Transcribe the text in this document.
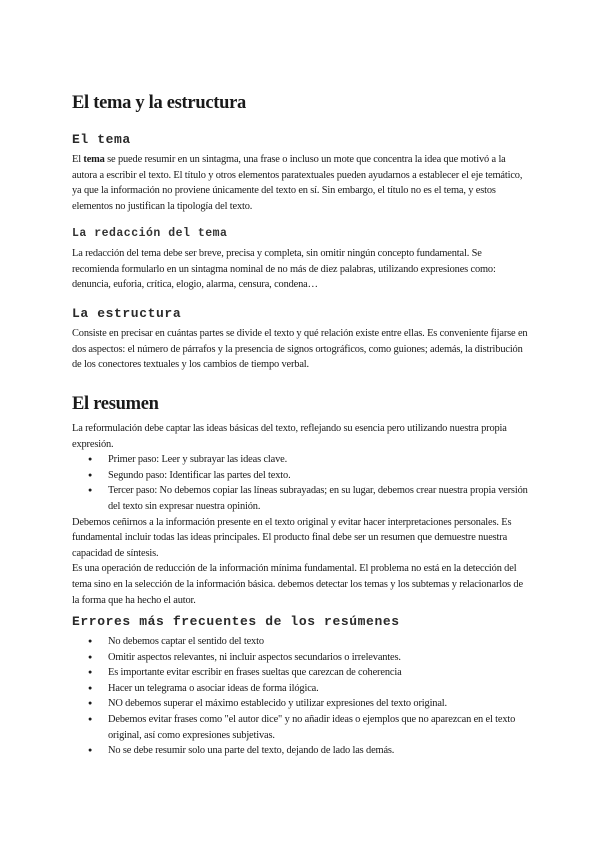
El tema y la estructura
El tema

El tema se puede resumir en un sintagma, una frase o incluso un mote que concentra la idea que motivó a la autora a escribir el texto. El título y otros elementos paratextuales pueden ayudarnos a establecer el eje temático, ya que la información no proviene únicamente del texto en sí. Sin embargo, el título no es el tema, y estos elementos no justifican la tipología del texto.

La redacción del tema

La redacción del tema debe ser breve, precisa y completa, sin omitir ningún concepto fundamental. Se recomienda formularlo en un sintagma nominal de no más de diez palabras, utilizando expresiones como: denuncia, euforia, crítica, elogio, alarma, censura, condena…

La estructura

Consiste en precisar en cuántas partes se divide el texto y qué relación existe entre ellas. Es conveniente fijarse en dos aspectos: el número de párrafos y la presencia de signos ortográficos, como guiones; además, la distribución de los conectores textuales y los cambios de tiempo verbal.

El resumen

La reformulación debe captar las ideas básicas del texto, reflejando su esencia pero utilizando nuestra propia expresión.

● Primer paso: Leer y subrayar las ideas clave.
● Segundo paso: Identificar las partes del texto.
● Tercer paso: No debemos copiar las líneas subrayadas; en su lugar, debemos crear nuestra propia versión del texto sin expresar nuestra opinión.

Debemos ceñirnos a la información presente en el texto original y evitar hacer interpretaciones personales. Es fundamental incluir todas las ideas principales. El producto final debe ser un resumen que demuestre nuestra capacidad de síntesis.

Es una operación de reducción de la información mínima fundamental. El problema no está en la detección del tema sino en la selección de la información básica. debemos detectar los temas y los subtemas y relacionarlos de la forma que ha hecho el autor.

Errores más frecuentes de los resúmenes
● No debemos captar el sentido del texto
● Omitir aspectos relevantes, ni incluir aspectos secundarios o irrelevantes.
● Es importante evitar escribir en frases sueltas que carezcan de coherencia
● Hacer un telegrama o asociar ideas de forma ilógica.
● NO debemos superar el máximo establecido y utilizar expresiones del texto original.
● Debemos evitar frases como "el autor dice" y no añadir ideas o ejemplos que no aparezcan en el texto original, así como expresiones subjetivas.
● No se debe resumir solo una parte del texto, dejando de lado las demás.
